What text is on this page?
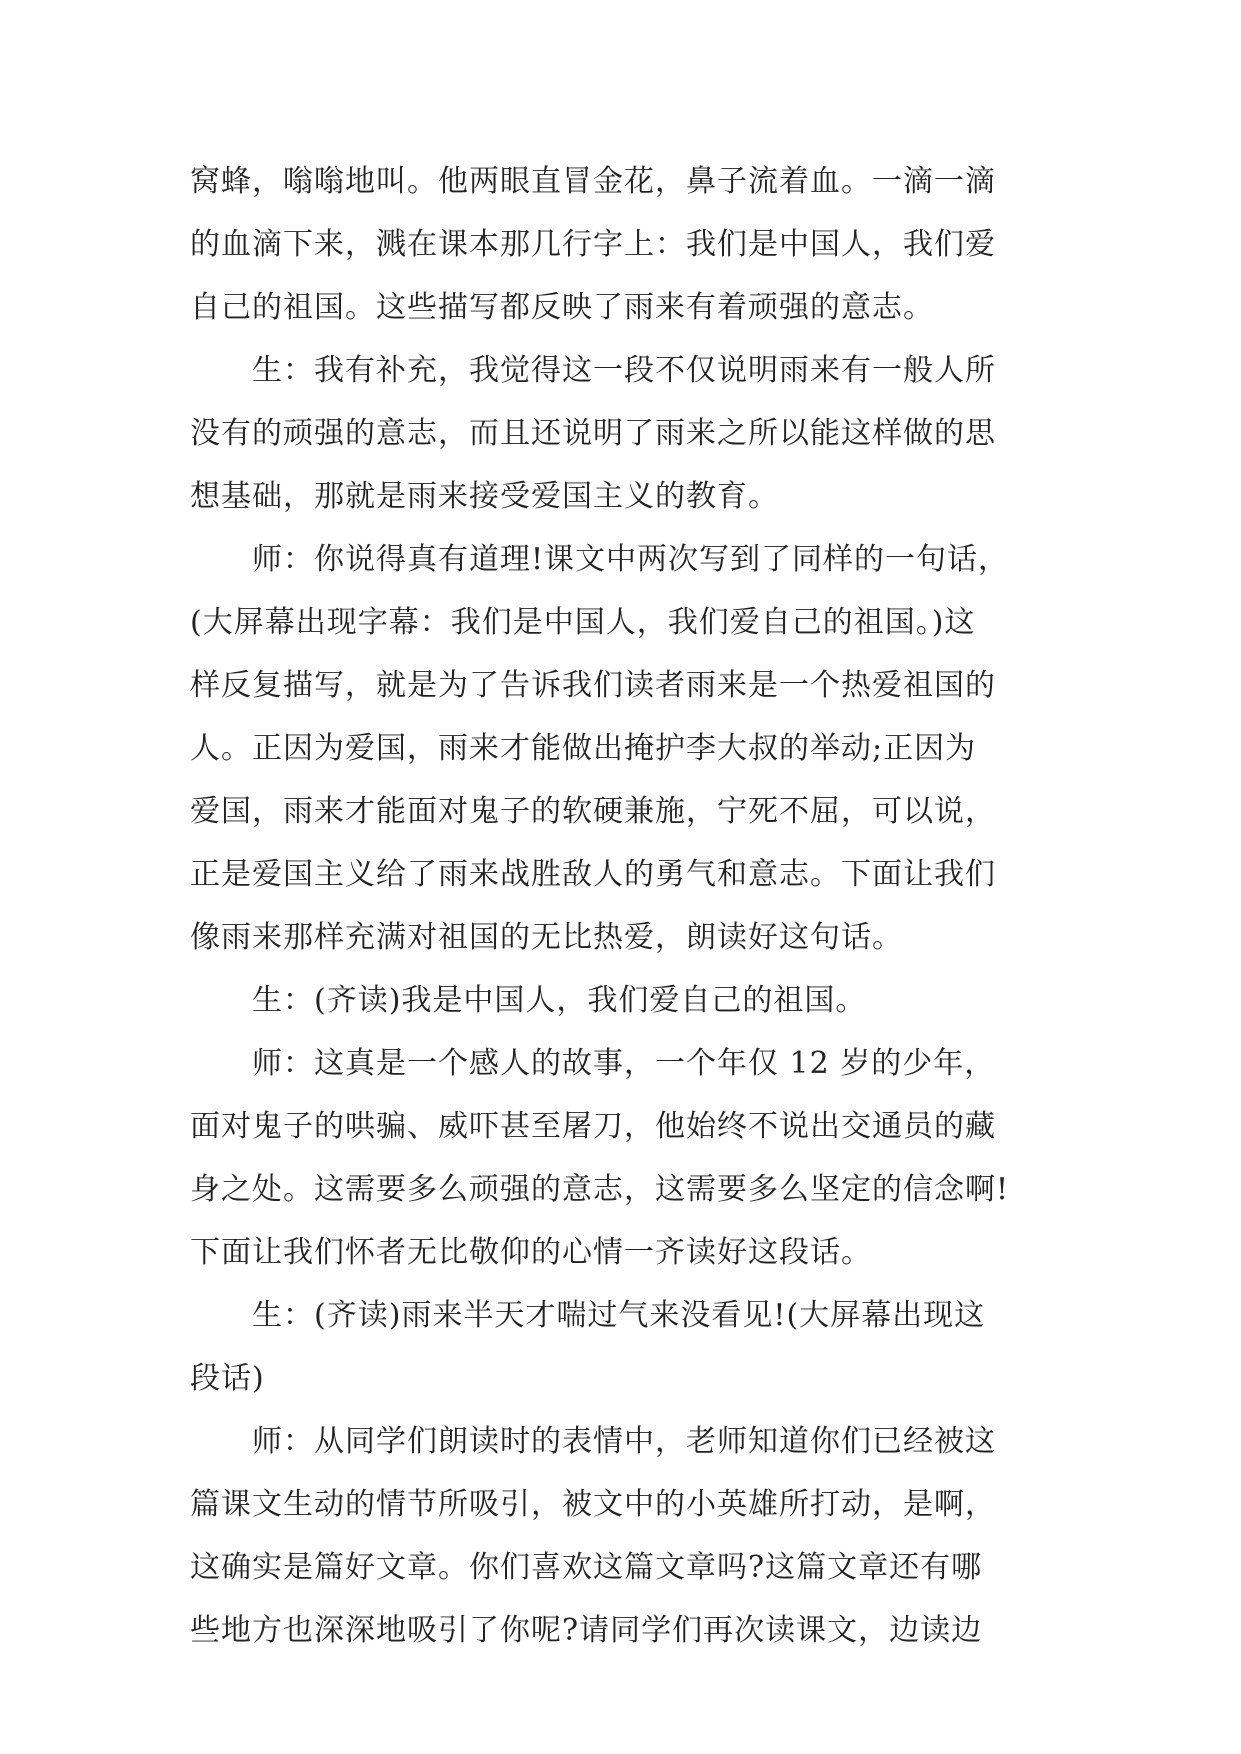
窝蜂，嗡嗡地叫。他两眼直冒金花，鼻子流着血。一滴一滴
的血滴下来，溅在课本那几行字上：我们是中国人，我们爱
自己的祖国。这些描写都反映了雨来有着顽强的意志。
生：我有补充，我觉得这一段不仅说明雨来有一般人所
没有的顽强的意志，而且还说明了雨来之所以能这样做的思
想基础，那就是雨来接受爱国主义的教育。
师：你说得真有道理!课文中两次写到了同样的一句话，
(大屏幕出现字幕：我们是中国人，我们爱自己的祖国。)这
样反复描写，就是为了告诉我们读者雨来是一个热爱祖国的
人。正因为爱国，雨来才能做出掩护李大叔的举动;正因为
爱国，雨来才能面对鬼子的软硬兼施，宁死不屈，可以说，
正是爱国主义给了雨来战胜敌人的勇气和意志。下面让我们
像雨来那样充满对祖国的无比热爱，朗读好这句话。
生：(齐读)我是中国人，我们爱自己的祖国。
师：这真是一个感人的故事，一个年仅 12 岁的少年，
面对鬼子的哄骗、威吓甚至屠刀，他始终不说出交通员的藏
身之处。这需要多么顽强的意志，这需要多么坚定的信念啊!
下面让我们怀者无比敬仰的心情一齐读好这段话。
生：(齐读)雨来半天才喘过气来没看见!(大屏幕出现这
段话)
师：从同学们朗读时的表情中，老师知道你们已经被这
篇课文生动的情节所吸引，被文中的小英雄所打动，是啊，
这确实是篇好文章。你们喜欢这篇文章吗?这篇文章还有哪
些地方也深深地吸引了你呢?请同学们再次读课文，边读边
